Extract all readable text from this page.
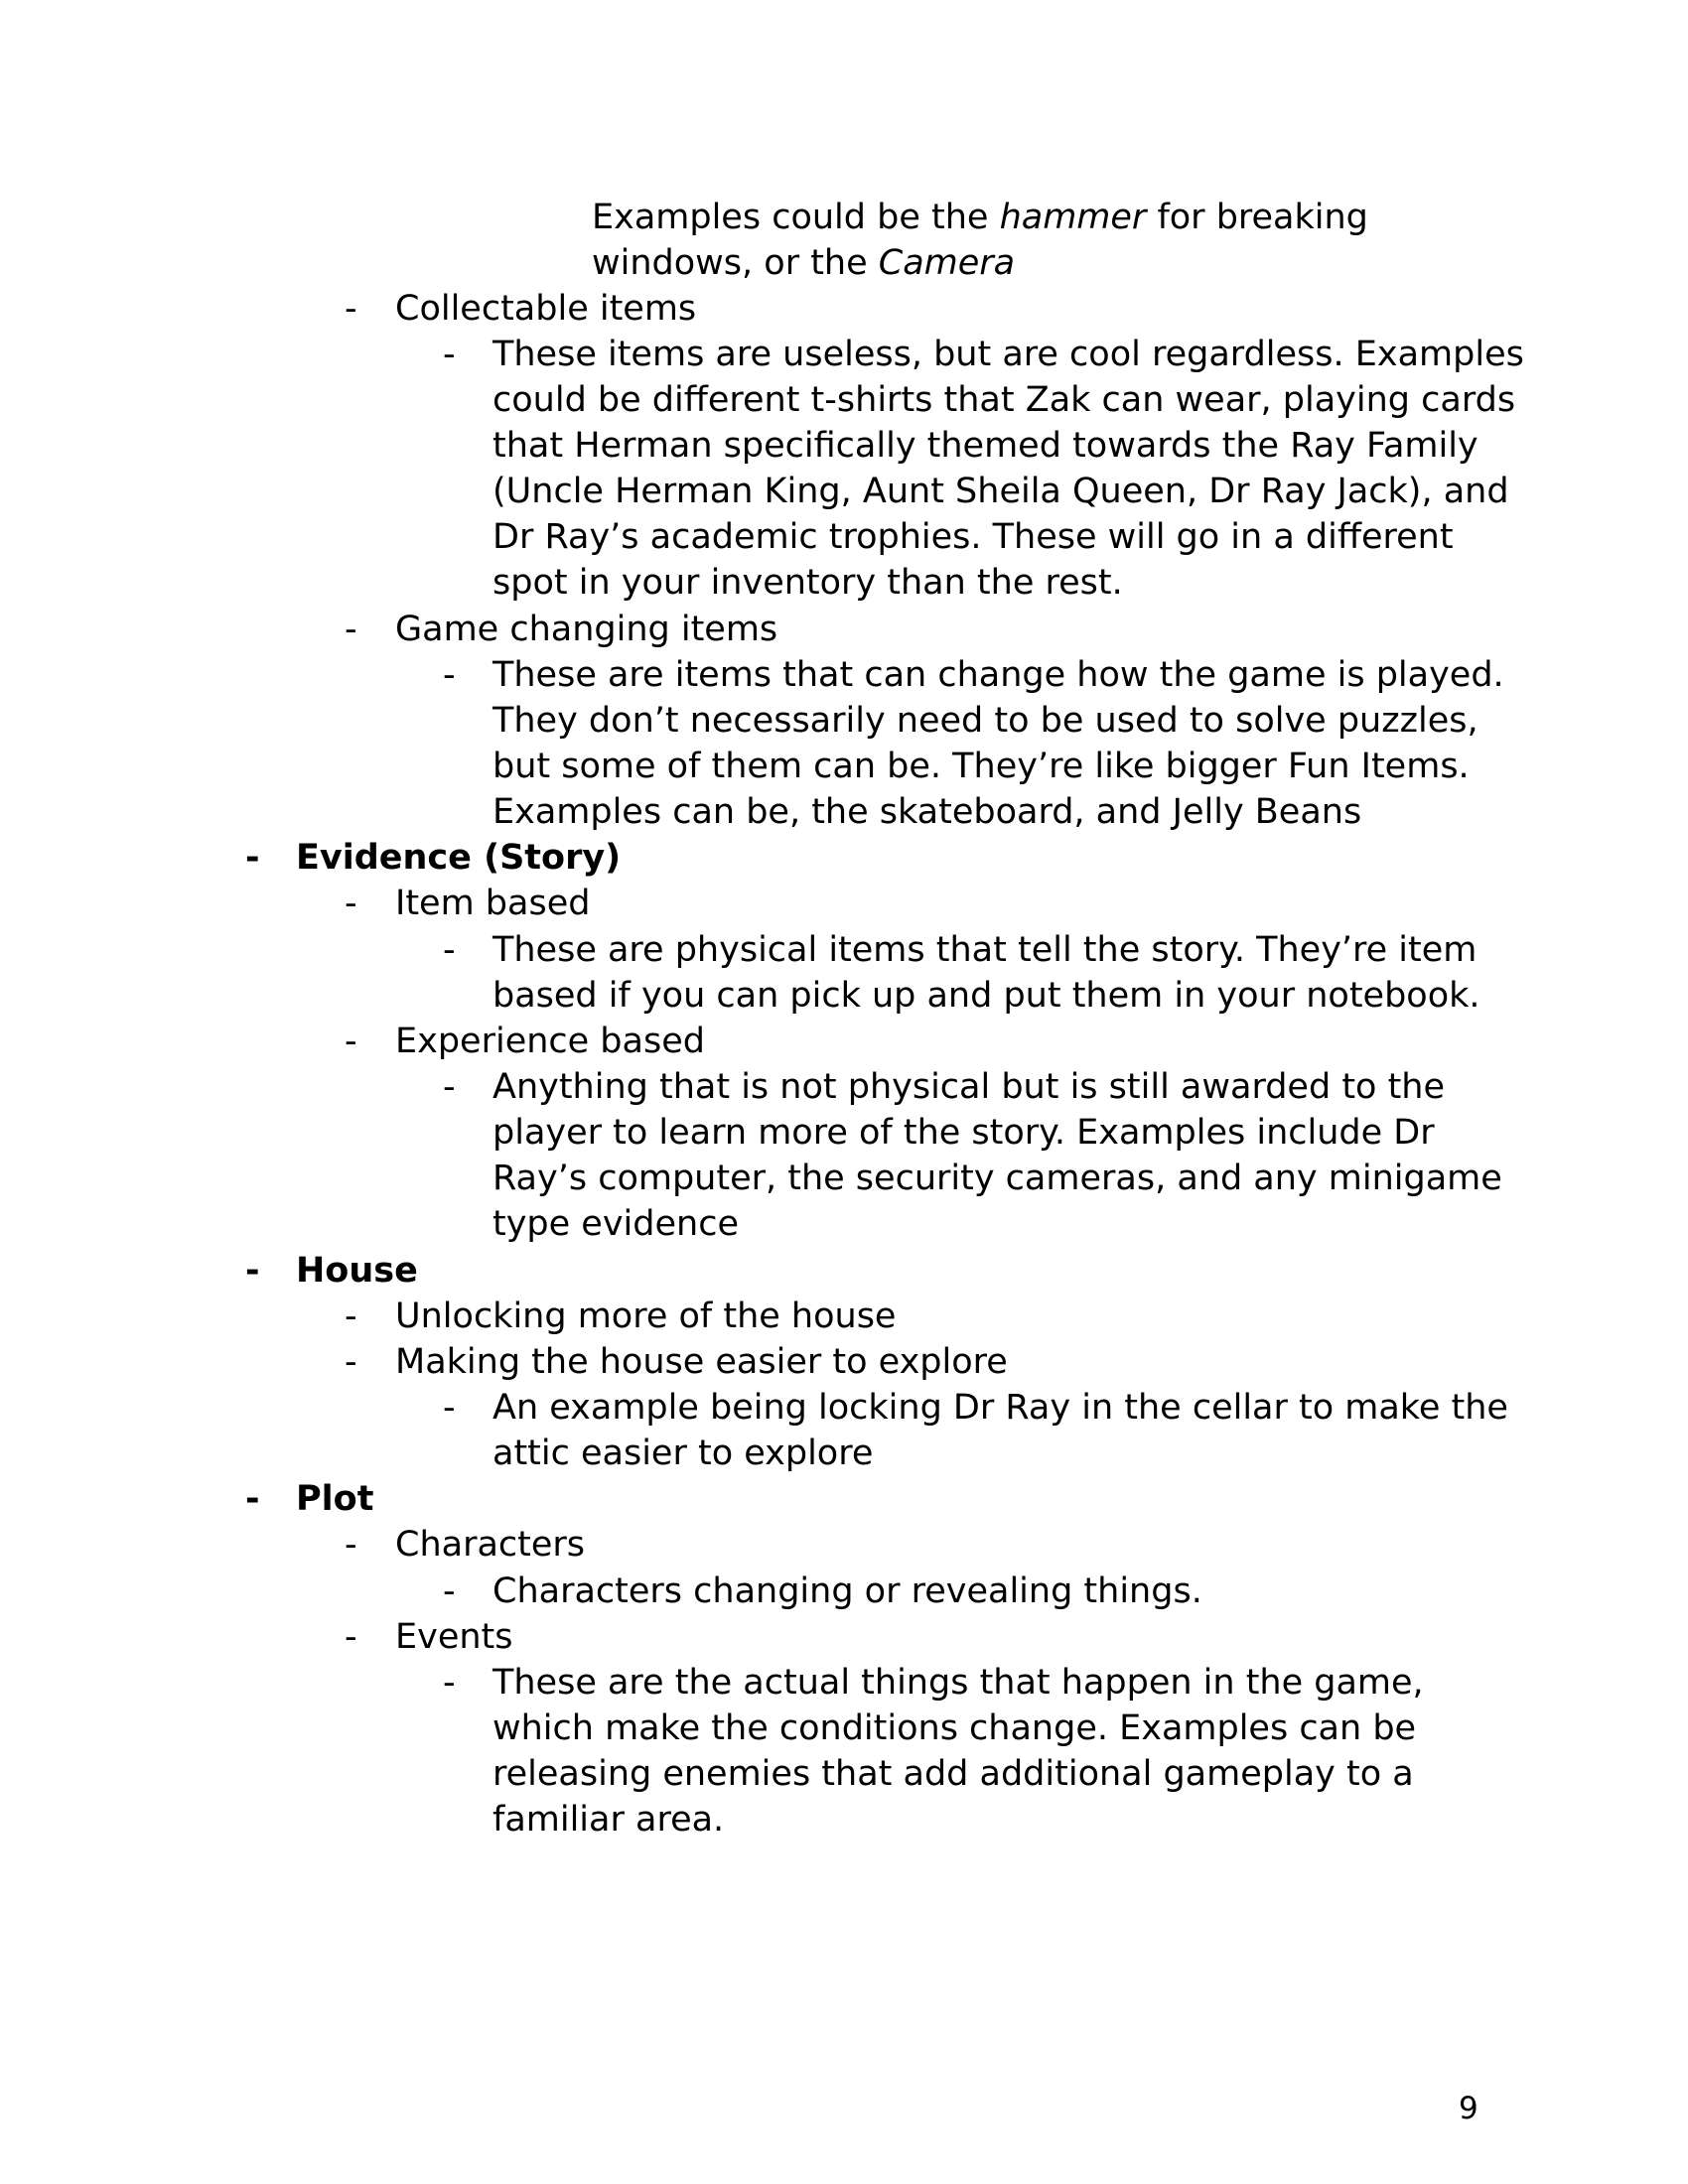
Examples could be the hammer for breaking
windows, or the Camera
- Collectable items
- These items are useless, but are cool regardless. Examples
could be different t-shirts that Zak can wear, playing cards
that Herman specifically themed towards the Ray Family
(Uncle Herman King, Aunt Sheila Queen, Dr Ray Jack), and
Dr Ray’s academic trophies. These will go in a different
spot in your inventory than the rest.
- Game changing items
- These are items that can change how the game is played.
They don’t necessarily need to be used to solve puzzles,
but some of them can be. They’re like bigger Fun Items.
Examples can be, the skateboard, and Jelly Beans
- Evidence (Story)
- Item based
- These are physical items that tell the story. They’re item
based if you can pick up and put them in your notebook.
- Experience based
- Anything that is not physical but is still awarded to the
player to learn more of the story. Examples include Dr
Ray’s computer, the security cameras, and any minigame
type evidence
- House
- Unlocking more of the house
- Making the house easier to explore
- An example being locking Dr Ray in the cellar to make the
attic easier to explore
- Plot
- Characters
- Characters changing or revealing things.
- Events
- These are the actual things that happen in the game,
which make the conditions change. Examples can be
releasing enemies that add additional gameplay to a
familiar area.
9
